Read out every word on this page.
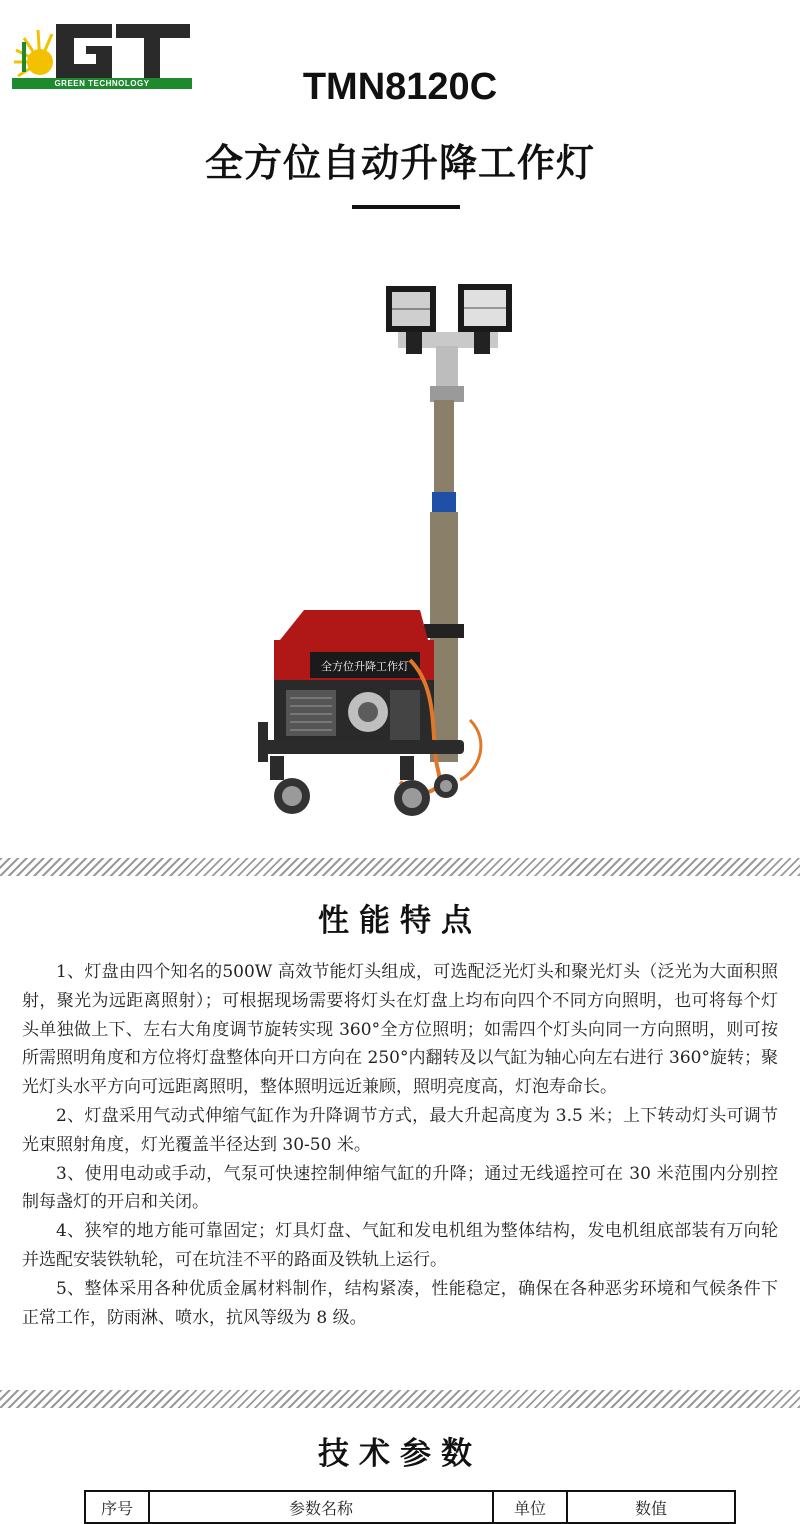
GREEN TECHNOLOGY	TMN8120C
全方位自动升降工作灯
全方位升降工作灯
性能特点

1、灯盘由四个知名的500W 高效节能灯头组成，可选配泛光灯头和聚光灯头（泛光为大面积照射，聚光为远距离照射）；可根据现场需要将灯头在灯盘上均布向四个不同方向照明，也可将每个灯头单独做上下、左右大角度调节旋转实现 360°全方位照明；如需四个灯头向同一方向照明，则可按所需照明角度和方位将灯盘整体向开口方向在 250°内翻转及以气缸为轴心向左右进行 360°旋转；聚光灯头水平方向可远距离照明，整体照明远近兼顾，照明亮度高，灯泡寿命长。

2、灯盘采用气动式伸缩气缸作为升降调节方式，最大升起高度为 3.5 米；上下转动灯头可调节光束照射角度，灯光覆盖半径达到 30-50 米。

3、使用电动或手动，气泵可快速控制伸缩气缸的升降；通过无线遥控可在 30 米范围内分别控制每盏灯的开启和关闭。

4、狭窄的地方能可靠固定；灯具灯盘、气缸和发电机组为整体结构，发电机组底部装有万向轮并选配安装铁轨轮，可在坑洼不平的路面及铁轨上运行。

5、整体采用各种优质金属材料制作，结构紧凑，性能稳定，确保在各种恶劣环境和气候条件下正常工作，防雨淋、喷水，抗风等级为 8 级。

技术参数
序号	参数名称	单位	数值
